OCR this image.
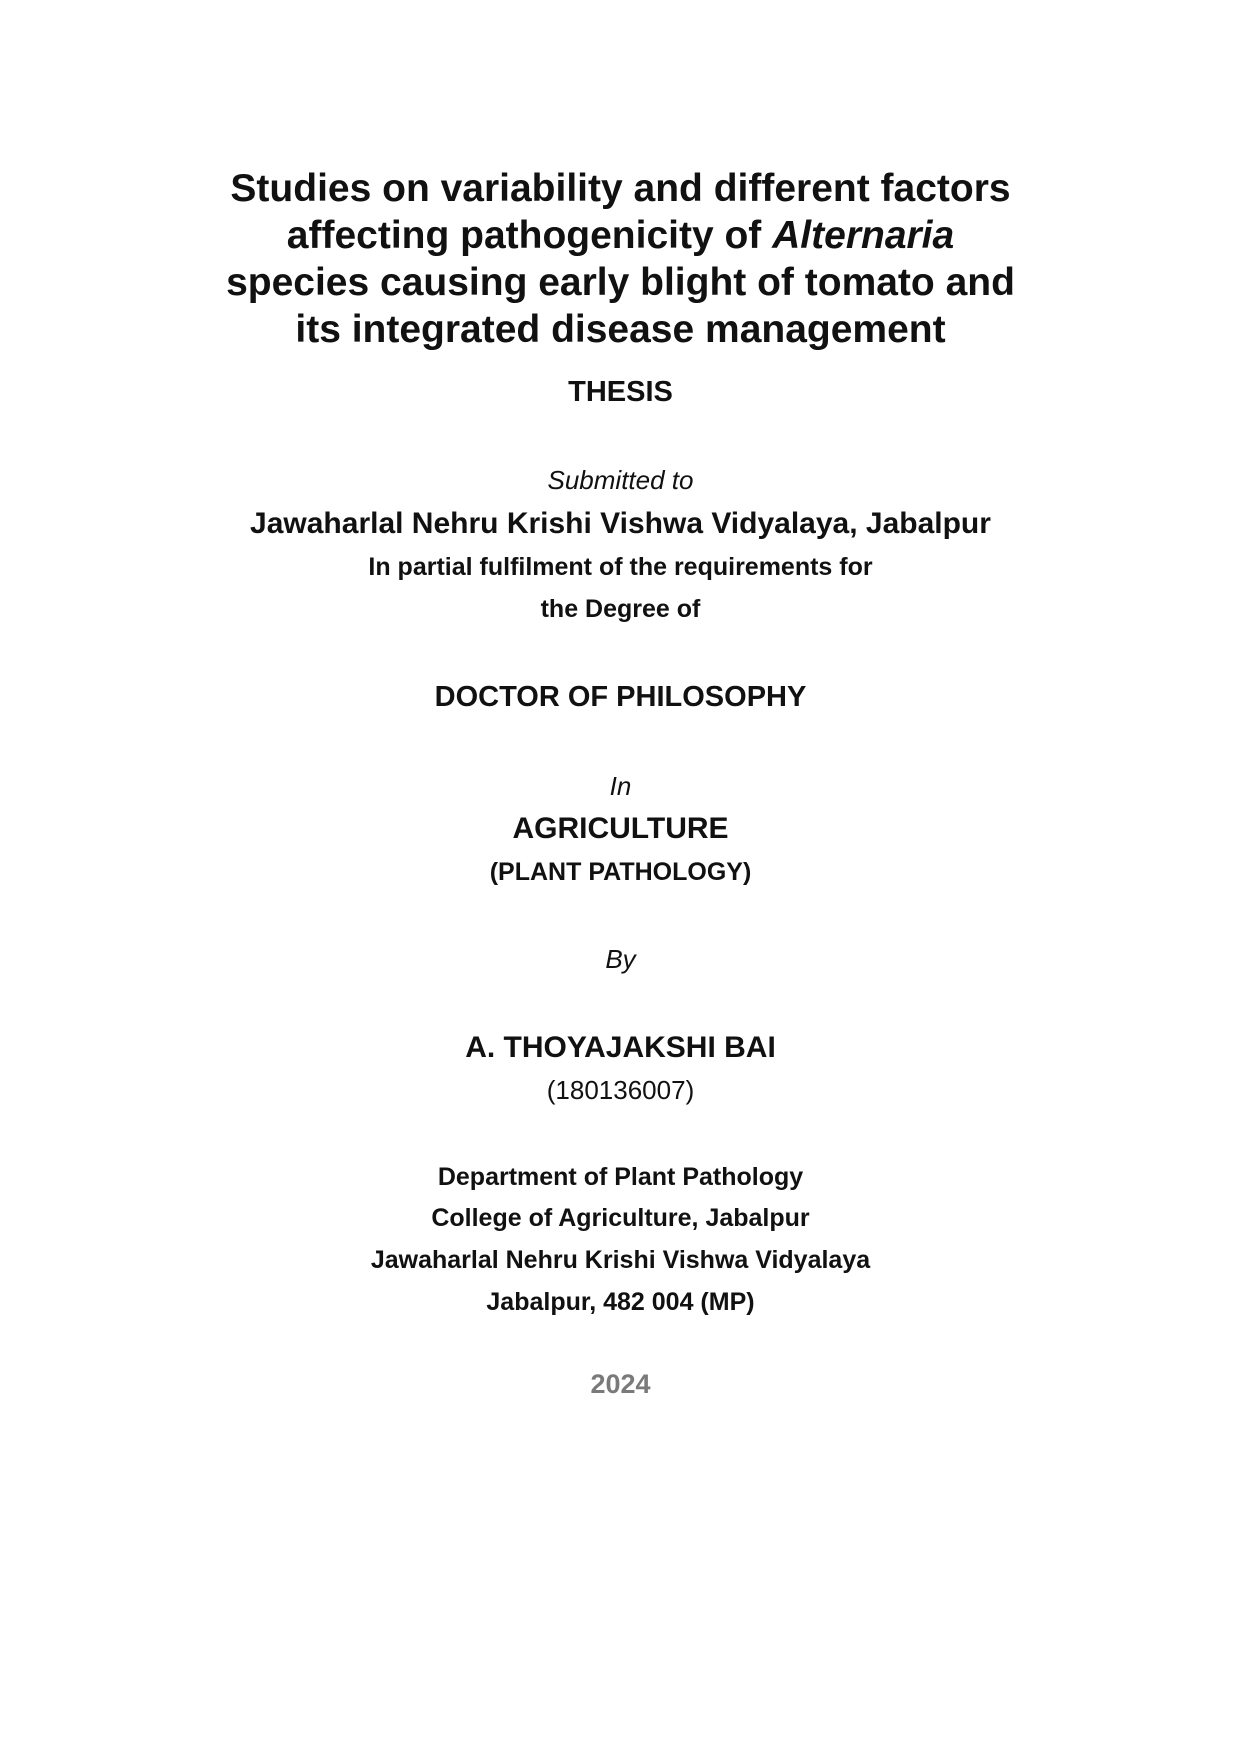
Studies on variability and different factors
affecting pathogenicity of Alternaria
species causing early blight of tomato and
its integrated disease management

THESIS

Submitted to

Jawaharlal Nehru Krishi Vishwa Vidyalaya, Jabalpur

In partial fulfilment of the requirements for

the Degree of

DOCTOR OF PHILOSOPHY

In

AGRICULTURE

(PLANT PATHOLOGY)

By

A. THOYAJAKSHI BAI

(180136007)

Department of Plant Pathology

College of Agriculture, Jabalpur

Jawaharlal Nehru Krishi Vishwa Vidyalaya

Jabalpur, 482 004 (MP)

2024
